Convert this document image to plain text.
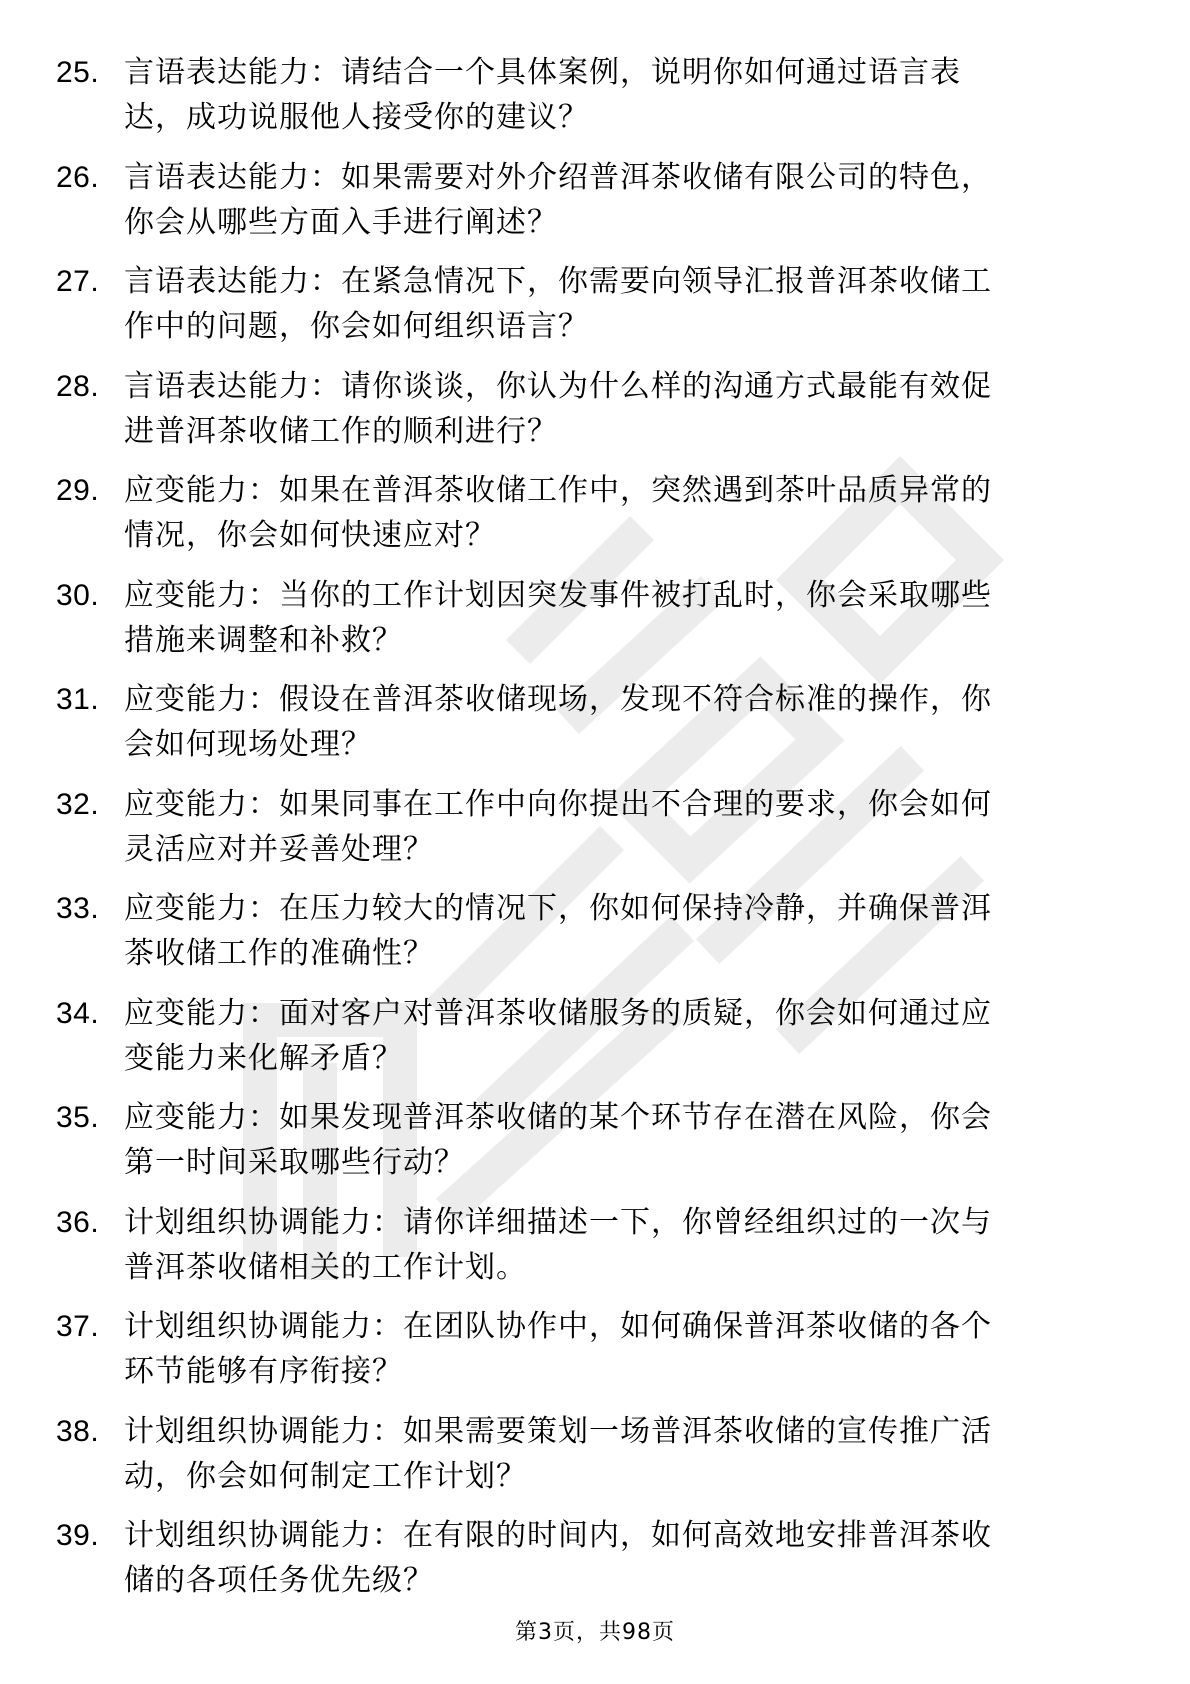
25. 言语表达能力：请结合一个具体案例，说明你如何通过语言表
达，成功说服他人接受你的建议？
26. 言语表达能力：如果需要对外介绍普洱茶收储有限公司的特色，
你会从哪些方面入手进行阐述？
27. 言语表达能力：在紧急情况下，你需要向领导汇报普洱茶收储工
作中的问题，你会如何组织语言？
28. 言语表达能力：请你谈谈，你认为什么样的沟通方式最能有效促
进普洱茶收储工作的顺利进行？
29. 应变能力：如果在普洱茶收储工作中，突然遇到茶叶品质异常的
情况，你会如何快速应对？
30. 应变能力：当你的工作计划因突发事件被打乱时，你会采取哪些
措施来调整和补救？
31. 应变能力：假设在普洱茶收储现场，发现不符合标准的操作，你
会如何现场处理？
32. 应变能力：如果同事在工作中向你提出不合理的要求，你会如何
灵活应对并妥善处理？
33. 应变能力：在压力较大的情况下，你如何保持冷静，并确保普洱
茶收储工作的准确性？
34. 应变能力：面对客户对普洱茶收储服务的质疑，你会如何通过应
变能力来化解矛盾？
35. 应变能力：如果发现普洱茶收储的某个环节存在潜在风险，你会
第一时间采取哪些行动？
36. 计划组织协调能力：请你详细描述一下，你曾经组织过的一次与
普洱茶收储相关的工作计划。
37. 计划组织协调能力：在团队协作中，如何确保普洱茶收储的各个
环节能够有序衔接？
38. 计划组织协调能力：如果需要策划一场普洱茶收储的宣传推广活
动，你会如何制定工作计划？
39. 计划组织协调能力：在有限的时间内，如何高效地安排普洱茶收
储的各项任务优先级？
第3页，共98页
